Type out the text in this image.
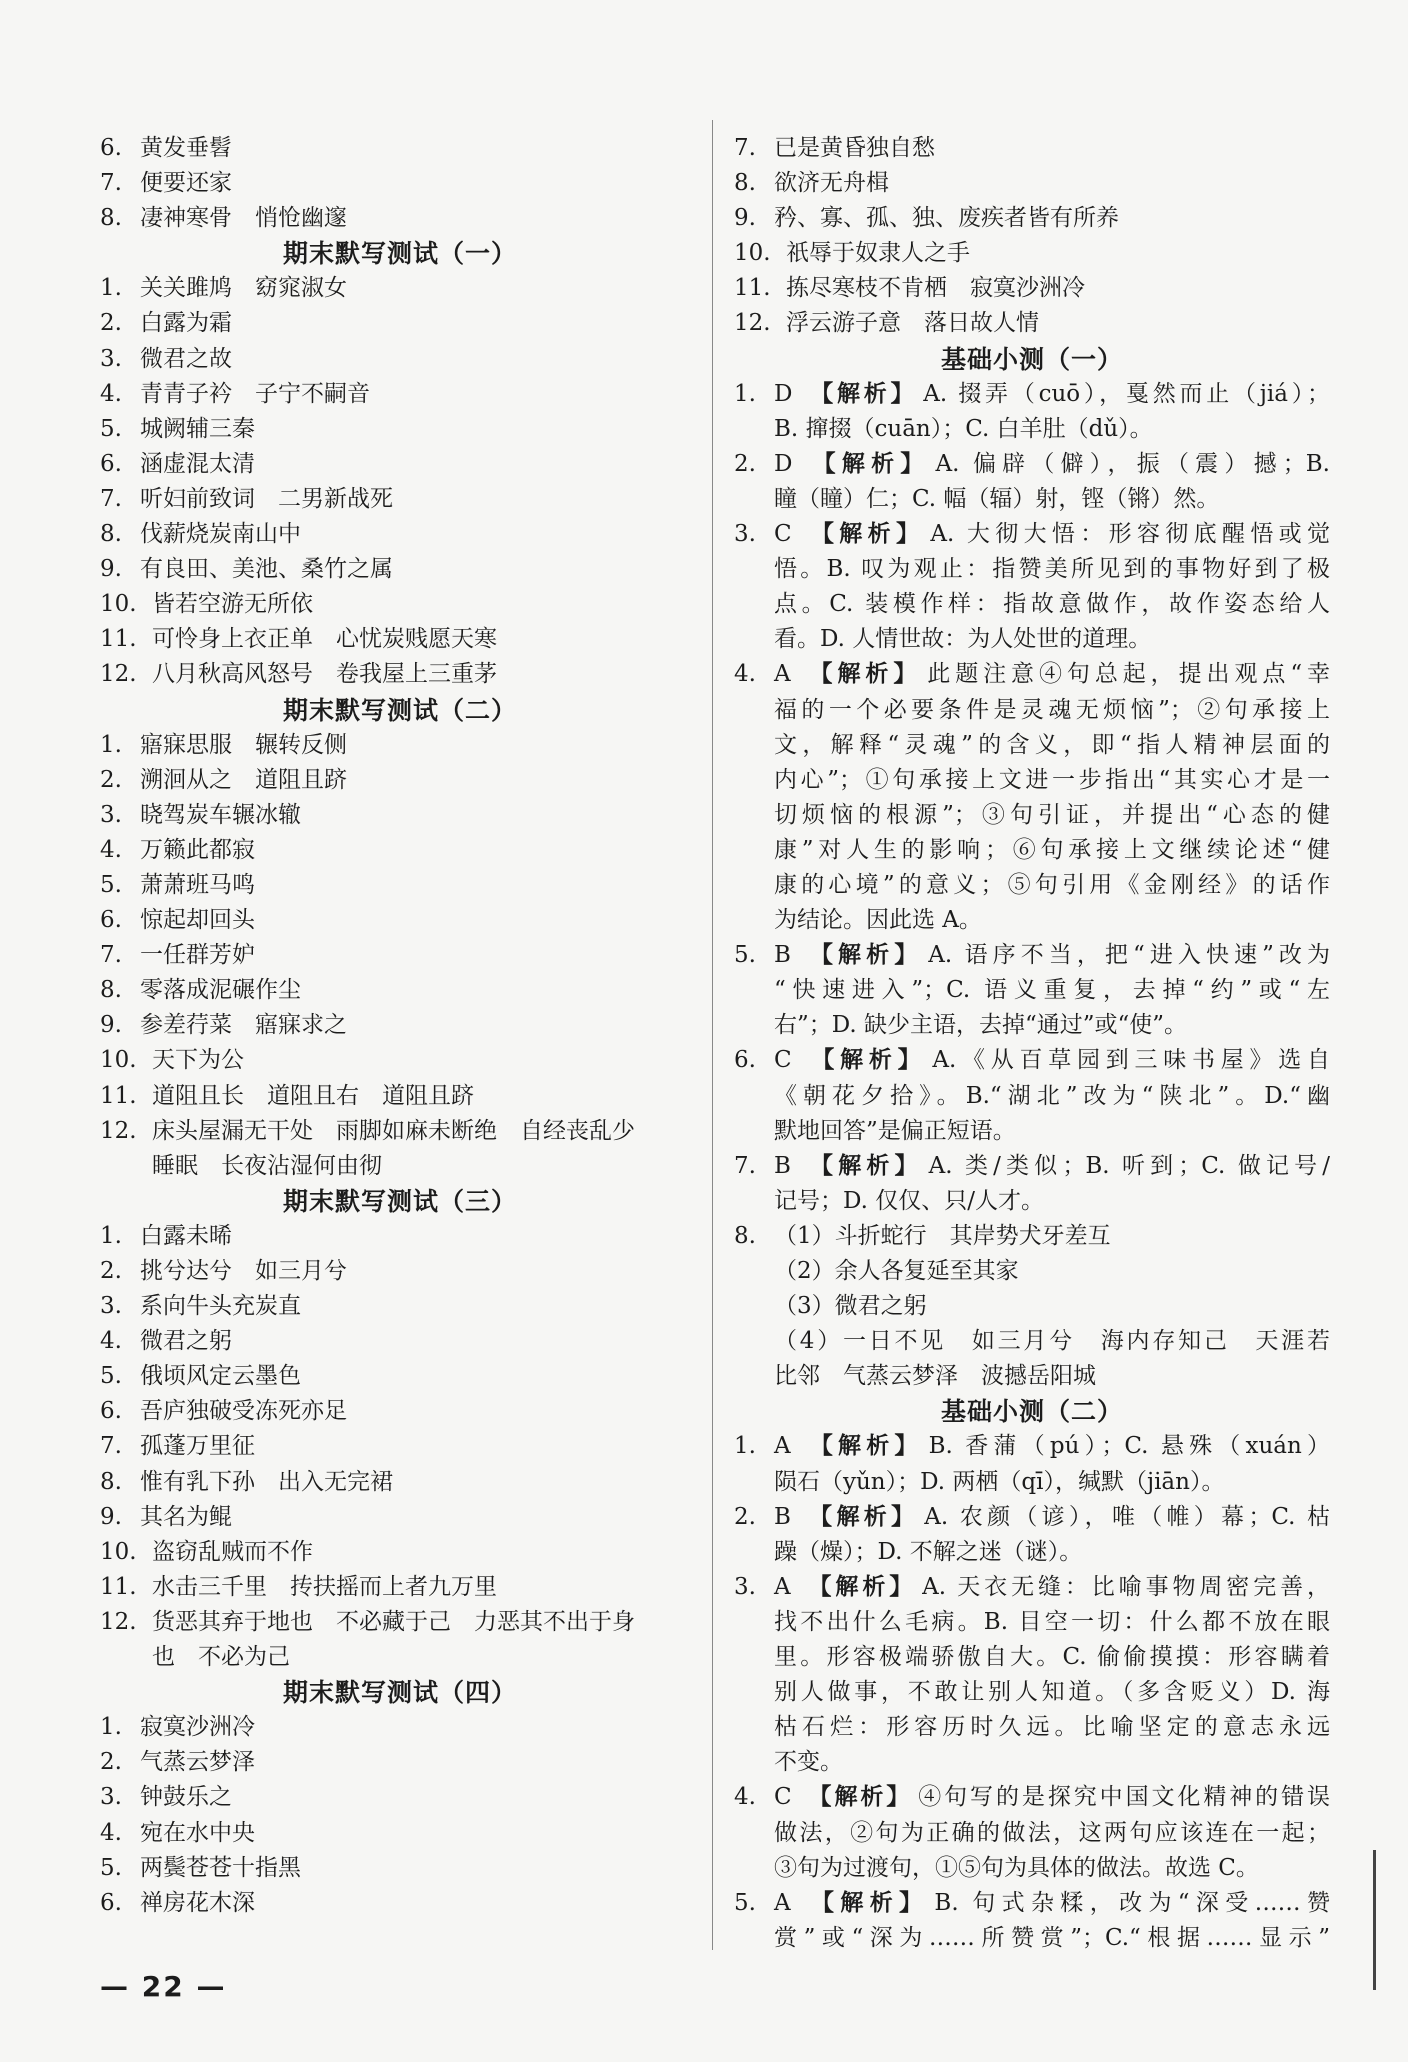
6. 黄发垂髫
7. 便要还家
8. 凄神寒骨　悄怆幽邃
期末默写测试（一）
1. 关关雎鸠　窈窕淑女
2. 白露为霜
3. 微君之故
4. 青青子衿　子宁不嗣音
5. 城阙辅三秦
6. 涵虚混太清
7. 听妇前致词　二男新战死
8. 伐薪烧炭南山中
9. 有良田、美池、桑竹之属
10. 皆若空游无所依
11. 可怜身上衣正单　心忧炭贱愿天寒
12. 八月秋高风怒号　卷我屋上三重茅
期末默写测试（二）
1. 寤寐思服　辗转反侧
2. 溯洄从之　道阻且跻
3. 晓驾炭车辗冰辙
4. 万籁此都寂
5. 萧萧班马鸣
6. 惊起却回头
7. 一任群芳妒
8. 零落成泥碾作尘
9. 参差荇菜　寤寐求之
10. 天下为公
11. 道阻且长　道阻且右　道阻且跻
12. 床头屋漏无干处　雨脚如麻未断绝　自经丧乱少
睡眠　长夜沾湿何由彻
期末默写测试（三）
1. 白露未晞
2. 挑兮达兮　如三月兮
3. 系向牛头充炭直
4. 微君之躬
5. 俄顷风定云墨色
6. 吾庐独破受冻死亦足
7. 孤蓬万里征
8. 惟有乳下孙　出入无完裙
9. 其名为鲲
10. 盗窃乱贼而不作
11. 水击三千里　抟扶摇而上者九万里
12. 货恶其弃于地也　不必藏于己　力恶其不出于身
也　不必为己
期末默写测试（四）
1. 寂寞沙洲冷
2. 气蒸云梦泽
3. 钟鼓乐之
4. 宛在水中央
5. 两鬓苍苍十指黑
6. 禅房花木深
7. 已是黄昏独自愁
8. 欲济无舟楫
9. 矜、寡、孤、独、废疾者皆有所养
10. 祇辱于奴隶人之手
11. 拣尽寒枝不肯栖　寂寞沙洲冷
12. 浮云游子意　落日故人情
基础小测（一）
1. D 【解析】 A. 掇弄（cuō），戛然而止（jiá）；
B. 撺掇（cuān）；C. 白羊肚（dǔ）。
2. D 【解析】 A. 偏辟（僻），振（震）撼；B.
瞳（瞳）仁；C. 幅（辐）射，铿（锵）然。
3. C 【解析】 A. 大彻大悟：形容彻底醒悟或觉
悟。B. 叹为观止：指赞美所见到的事物好到了极
点。C. 装模作样：指故意做作，故作姿态给人
看。D. 人情世故：为人处世的道理。
4. A 【解析】 此题注意④句总起，提出观点“幸
福的一个必要条件是灵魂无烦恼”；②句承接上
文，解释“灵魂”的含义，即“指人精神层面的
内心”；①句承接上文进一步指出“其实心才是一
切烦恼的根源”；③句引证，并提出“心态的健
康”对人生的影响；⑥句承接上文继续论述“健
康的心境”的意义；⑤句引用《金刚经》的话作
为结论。因此选 A。
5. B 【解析】 A. 语序不当，把“进入快速”改为
“快速进入”；C. 语义重复，去掉“约”或“左
右”；D. 缺少主语，去掉“通过”或“使”。
6. C 【解析】 A.《从百草园到三味书屋》选自
《朝花夕拾》。B.“湖北”改为“陕北”。D.“幽
默地回答”是偏正短语。
7. B 【解析】 A. 类/类似；B. 听到；C. 做记号/
记号；D. 仅仅、只/人才。
8. （1）斗折蛇行　其岸势犬牙差互
（2）余人各复延至其家
（3）微君之躬
（4）一日不见　如三月兮　海内存知己　天涯若
比邻　气蒸云梦泽　波撼岳阳城
基础小测（二）
1. A 【解析】 B. 香蒲（pú）；C. 悬殊（xuán）
陨石（yǔn）；D. 两栖（qī），缄默（jiān）。
2. B 【解析】 A. 农颜（谚），唯（帷）幕；C. 枯
躁（燥）；D. 不解之迷（谜）。
3. A 【解析】 A. 天衣无缝：比喻事物周密完善，
找不出什么毛病。B. 目空一切：什么都不放在眼
里。形容极端骄傲自大。C. 偷偷摸摸：形容瞒着
别人做事，不敢让别人知道。（多含贬义）D. 海
枯石烂：形容历时久远。比喻坚定的意志永远
不变。
4. C 【解析】 ④句写的是探究中国文化精神的错误
做法，②句为正确的做法，这两句应该连在一起；
③句为过渡句，①⑤句为具体的做法。故选 C。
5. A 【解析】 B. 句式杂糅，改为“深受……赞
赏”或“深为……所赞赏”；C.“根据……显示”
— 22 —
